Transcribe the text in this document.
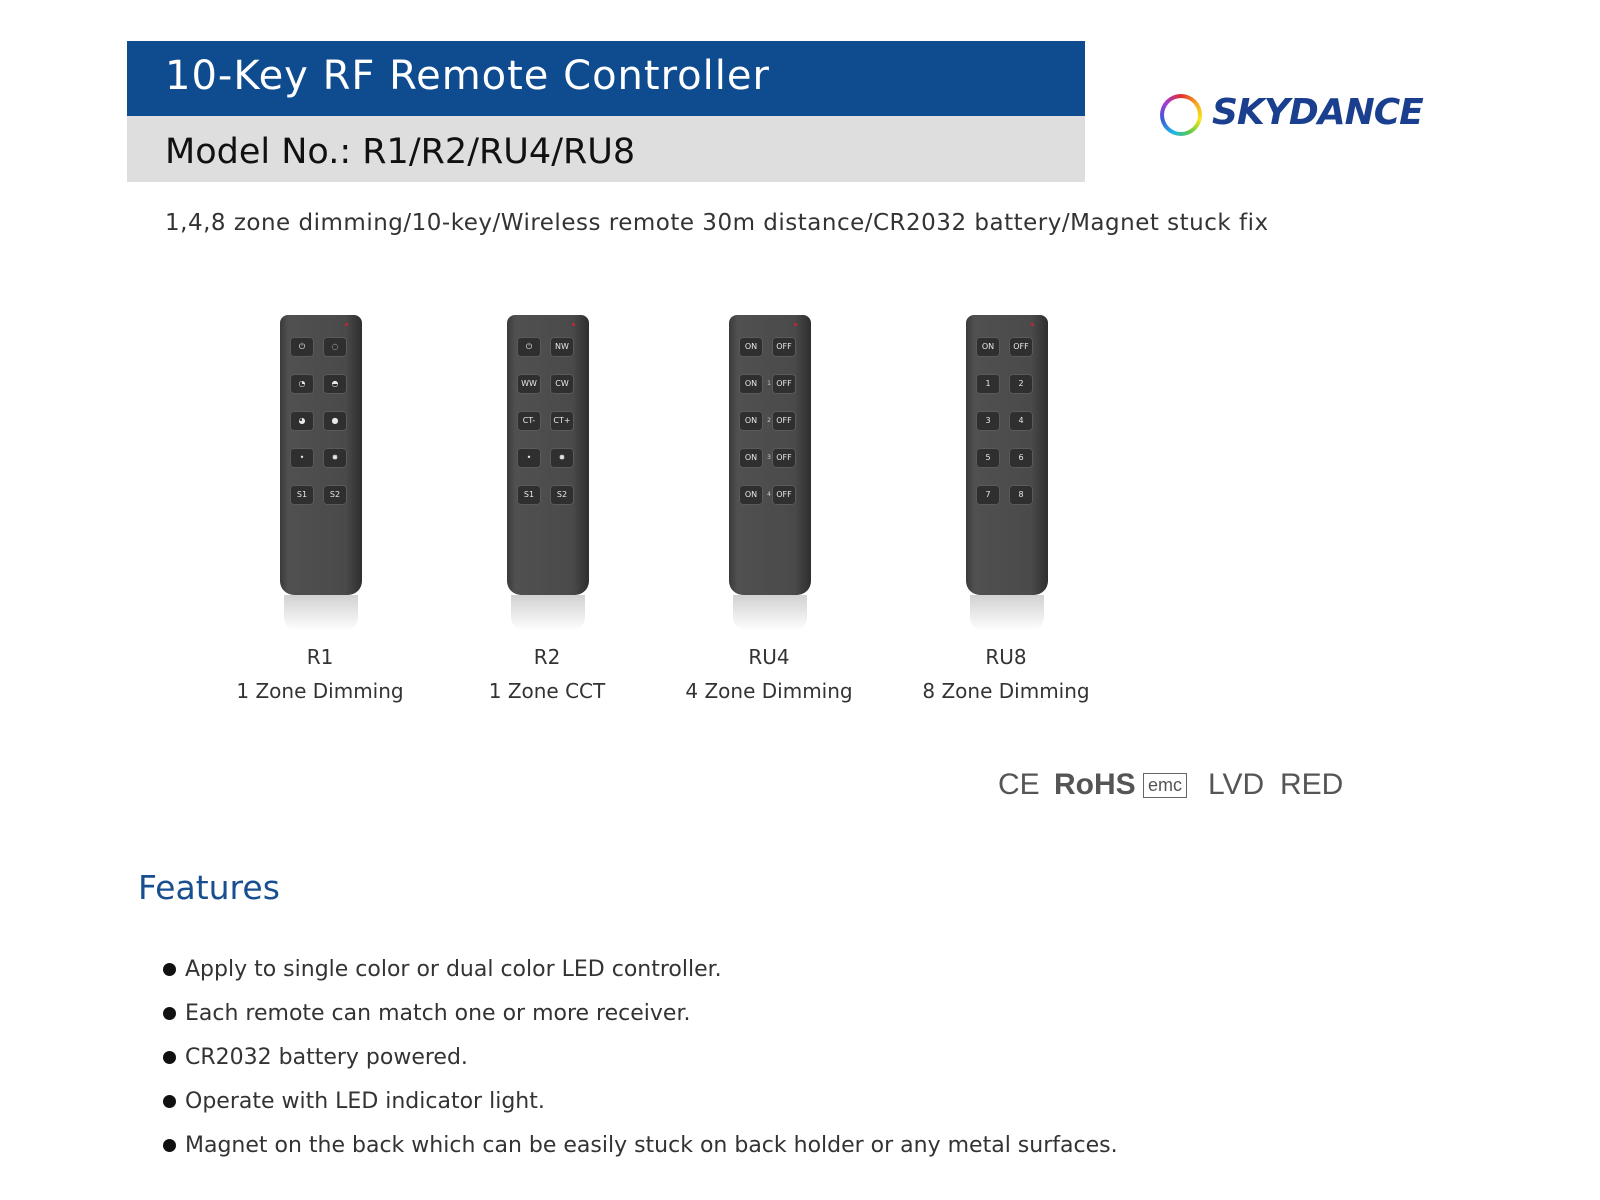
10-Key RF Remote Controller
Model No.: R1/R2/RU4/RU8
SKYDANCE
1,4,8 zone dimming/10-key/Wireless remote 30m distance/CR2032 battery/Magnet stuck fix
⏻	◌
◔	◓
◕	●
•	✸
S1	S2
R1
1 Zone Dimming
⏻	NW
WW	CW
CT-	CT+
•	✸
S1	S2
R2
1 Zone CCT
ON	OFF
ON	OFF
1
ON	OFF
2
ON	OFF
3
ON	OFF
4
RU4
4 Zone Dimming
ON	OFF
1	2
3	4
5	6
7	8
RU8
8 Zone Dimming
CE RoHS emc LVD RED
Features
Apply to single color or dual color LED controller.
Each remote can match one or more receiver.
CR2032 battery powered.
Operate with LED indicator light.
Magnet on the back which can be easily stuck on back holder or any metal surfaces.
